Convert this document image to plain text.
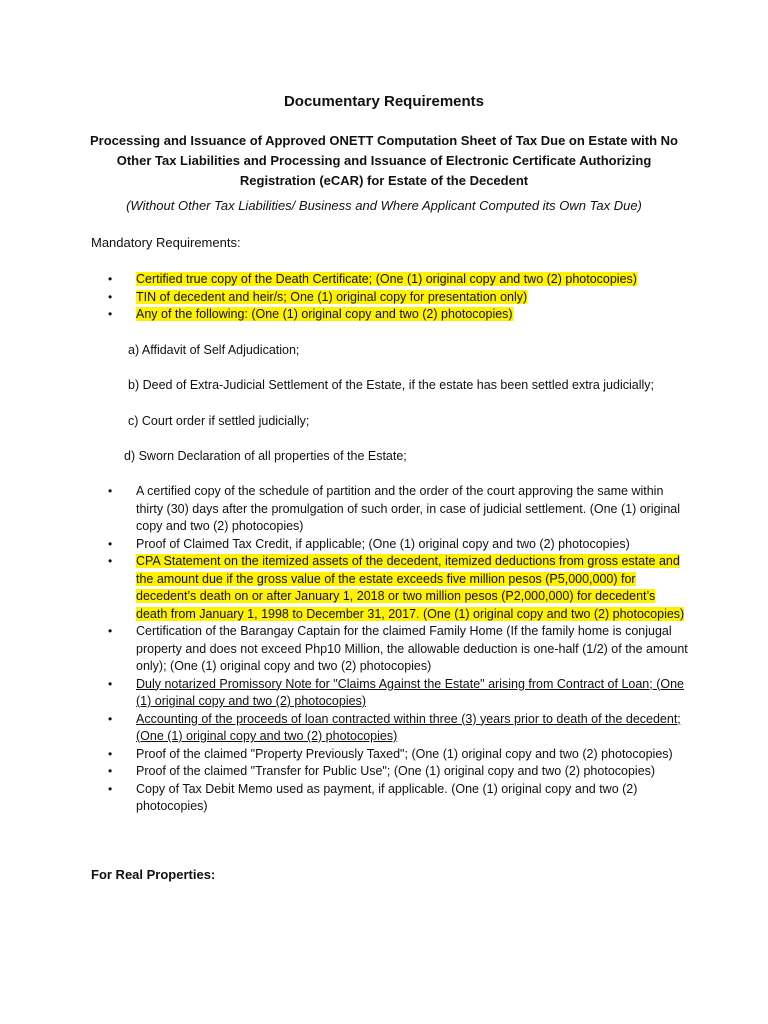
Documentary Requirements
Processing and Issuance of Approved ONETT Computation Sheet of Tax Due on Estate with No Other Tax Liabilities and Processing and Issuance of Electronic Certificate Authorizing Registration (eCAR) for Estate of the Decedent
(Without Other Tax Liabilities/ Business and Where Applicant Computed its Own Tax Due)
Mandatory Requirements:
• Certified true copy of the Death Certificate; (One (1) original copy and two (2) photocopies)
• TIN of decedent and heir/s; One (1) original copy for presentation only)
• Any of the following: (One (1) original copy and two (2) photocopies)
a) Affidavit of Self Adjudication;
b) Deed of Extra-Judicial Settlement of the Estate, if the estate has been settled extra judicially;
c) Court order if settled judicially;
d) Sworn Declaration of all properties of the Estate;
• A certified copy of the schedule of partition and the order of the court approving the same within thirty (30) days after the promulgation of such order, in case of judicial settlement. (One (1) original copy and two (2) photocopies)
• Proof of Claimed Tax Credit, if applicable; (One (1) original copy and two (2) photocopies)
• CPA Statement on the itemized assets of the decedent, itemized deductions from gross estate and the amount due if the gross value of the estate exceeds five million pesos (P5,000,000) for decedent’s death on or after January 1, 2018 or two million pesos (P2,000,000) for decedent’s death from January 1, 1998 to December 31, 2017. (One (1) original copy and two (2) photocopies)
• Certification of the Barangay Captain for the claimed Family Home (If the family home is conjugal property and does not exceed Php10 Million, the allowable deduction is one-half (1/2) of the amount only); (One (1) original copy and two (2) photocopies)
• Duly notarized Promissory Note for "Claims Against the Estate" arising from Contract of Loan; (One (1) original copy and two (2) photocopies)
• Accounting of the proceeds of loan contracted within three (3) years prior to death of the decedent; (One (1) original copy and two (2) photocopies)
• Proof of the claimed "Property Previously Taxed"; (One (1) original copy and two (2) photocopies)
• Proof of the claimed "Transfer for Public Use"; (One (1) original copy and two (2) photocopies)
• Copy of Tax Debit Memo used as payment, if applicable. (One (1) original copy and two (2) photocopies)
For Real Properties:
